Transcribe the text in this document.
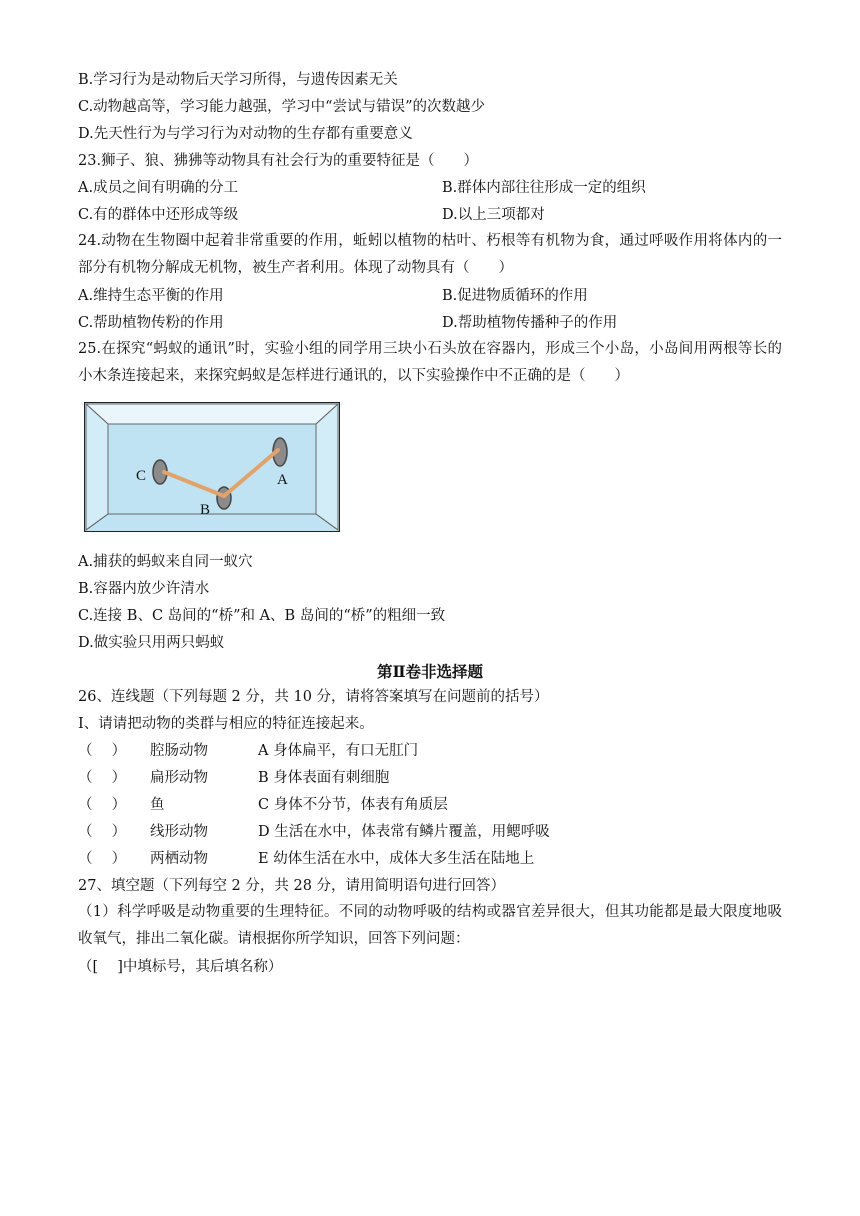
B.学习行为是动物后天学习所得，与遗传因素无关
C.动物越高等，学习能力越强，学习中“尝试与错误”的次数越少
D.先天性行为与学习行为对动物的生存都有重要意义
23.狮子、狼、狒狒等动物具有社会行为的重要特征是（　　）
A.成员之间有明确的分工	B.群体内部往往形成一定的组织
C.有的群体中还形成等级	D.以上三项都对
24.动物在生物圈中起着非常重要的作用，蚯蚓以植物的枯叶、朽根等有机物为食，通过呼吸作用将体内的一部分有机物分解成无机物，被生产者利用。体现了动物具有（　　）
A.维持生态平衡的作用	B.促进物质循环的作用
C.帮助植物传粉的作用	D.帮助植物传播种子的作用
25.在探究“蚂蚁的通讯”时，实验小组的同学用三块小石头放在容器内，形成三个小岛，小岛间用两根等长的小木条连接起来，来探究蚂蚁是怎样进行通讯的，以下实验操作中不正确的是（　　）
C	A
B
A.捕获的蚂蚁来自同一蚁穴
B.容器内放少许清水
C.连接 B、C 岛间的“桥”和 A、B 岛间的“桥”的粗细一致
D.做实验只用两只蚂蚁
第Ⅱ卷非选择题
26、连线题（下列每题 2 分，共 10 分，请将答案填写在问题前的括号）
Ⅰ、请请把动物的类群与相应的特征连接起来。
（　 ） 腔肠动物	A 身体扁平，有口无肛门
（　 ） 扁形动物	B 身体表面有刺细胞
（　 ） 鱼	C 身体不分节，体表有角质层
（　 ） 线形动物	D 生活在水中，体表常有鳞片覆盖，用鳃呼吸
（　 ） 两栖动物	E 幼体生活在水中，成体大多生活在陆地上
27、填空题（下列每空 2 分，共 28 分，请用简明语句进行回答）
（1）科学呼吸是动物重要的生理特征。不同的动物呼吸的结构或器官差异很大，但其功能都是最大限度地吸收氧气，排出二氧化碳。请根据你所学知识，回答下列问题：
（[　 ]中填标号，其后填名称）
